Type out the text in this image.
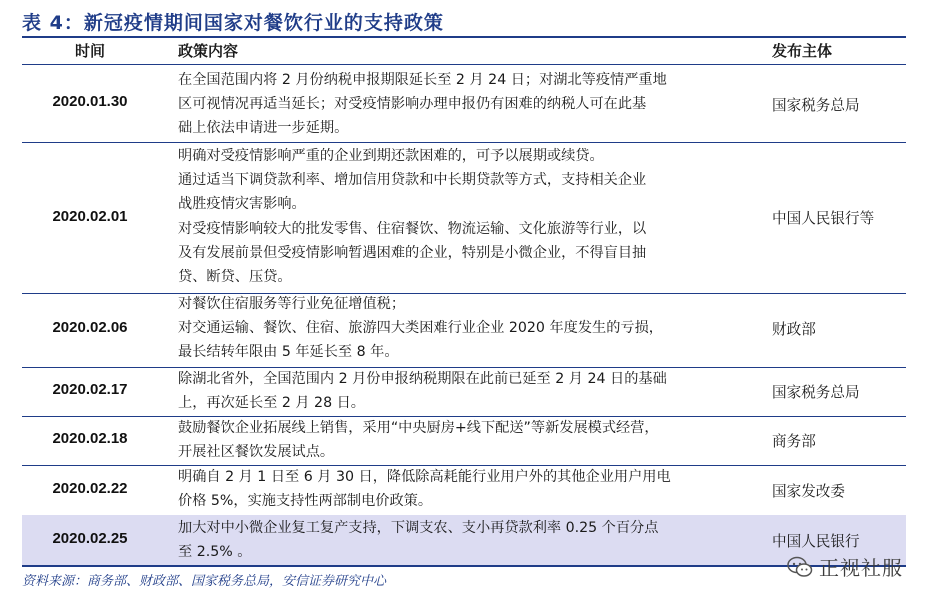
表 4：新冠疫情期间国家对餐饮行业的支持政策
时间	政策内容	发布主体
2020.01.30

在全国范围内将 2 月份纳税申报期限延长至 2 月 24 日；对湖北等疫情严重地

区可视情况再适当延长；对受疫情影响办理申报仍有困难的纳税人可在此基

础上依法申请进一步延期。

国家税务总局
2020.02.01

明确对受疫情影响严重的企业到期还款困难的，可予以展期或续贷。

通过适当下调贷款利率、增加信用贷款和中长期贷款等方式，支持相关企业

战胜疫情灾害影响。

对受疫情影响较大的批发零售、住宿餐饮、物流运输、文化旅游等行业，以

及有发展前景但受疫情影响暂遇困难的企业，特别是小微企业，不得盲目抽

贷、断贷、压贷。

中国人民银行等
2020.02.06

对餐饮住宿服务等行业免征增值税；

对交通运输、餐饮、住宿、旅游四大类困难行业企业 2020 年度发生的亏损，

最长结转年限由 5 年延长至 8 年。

财政部
2020.02.17

除湖北省外，全国范围内 2 月份申报纳税期限在此前已延至 2 月 24 日的基础

上，再次延长至 2 月 28 日。

国家税务总局
2020.02.18

鼓励餐饮企业拓展线上销售，采用“中央厨房+线下配送”等新发展模式经营，

开展社区餐饮发展试点。

商务部
2020.02.22

明确自 2 月 1 日至 6 月 30 日，降低除高耗能行业用户外的其他企业用户用电

价格 5%，实施支持性两部制电价政策。

国家发改委
2020.02.25

加大对中小微企业复工复产支持，下调支农、支小再贷款利率 0.25 个百分点

至 2.5% 。

中国人民银行
资料来源：商务部、财政部、国家税务总局，安信证券研究中心
正视社服
